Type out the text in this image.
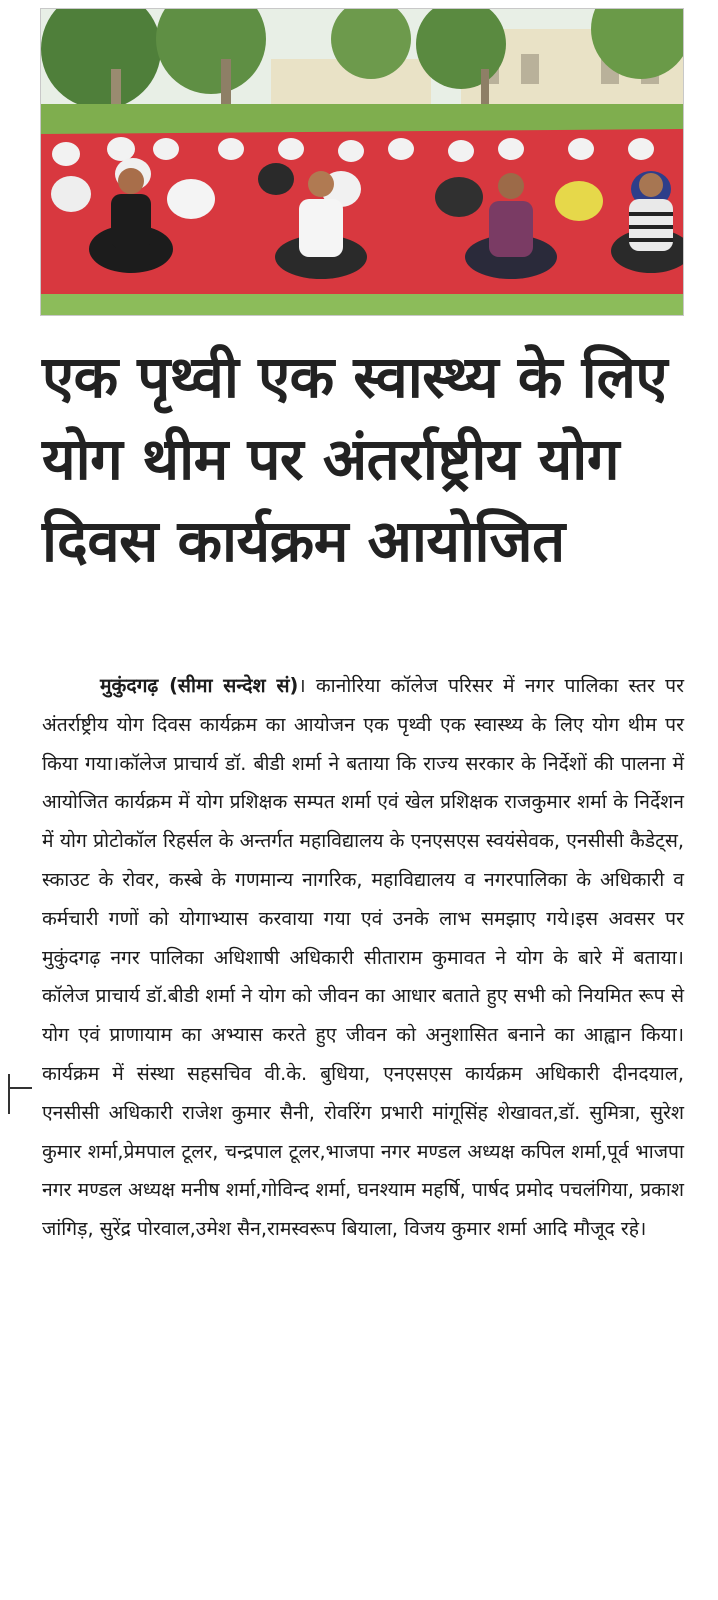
एक पृथ्वी एक स्वास्थ्य के लिए योग थीम पर अंतर्राष्ट्रीय योग दिवस कार्यक्रम आयोजित

मुकुंदगढ़ (सीमा सन्देश सं)। कानोरिया कॉलेज परिसर में नगर पालिका स्तर पर अंतर्राष्ट्रीय योग दिवस कार्यक्रम का आयोजन एक पृथ्वी एक स्वास्थ्य के लिए योग थीम पर किया गया।कॉलेज प्राचार्य डॉ. बीडी शर्मा ने बताया कि राज्य सरकार के निर्देशों की पालना में आयोजित कार्यक्रम में योग प्रशिक्षक सम्पत शर्मा एवं खेल प्रशिक्षक राजकुमार शर्मा के निर्देशन में योग प्रोटोकॉल रिहर्सल के अन्तर्गत महाविद्यालय के एनएसएस स्वयंसेवक, एनसीसी कैडेट्स, स्काउट के रोवर, कस्बे के गणमान्य नागरिक, महाविद्यालय व नगरपालिका के अधिकारी व कर्मचारी गणों को योगाभ्यास करवाया गया एवं उनके लाभ समझाए गये।इस अवसर पर मुकुंदगढ़ नगर पालिका अधिशाषी अधिकारी सीताराम कुमावत ने योग के बारे में बताया।कॉलेज प्राचार्य डॉ.बीडी शर्मा ने योग को जीवन का आधार बताते हुए सभी को नियमित रूप से योग एवं प्राणायाम का अभ्यास करते हुए जीवन को अनुशासित बनाने का आह्वान किया।कार्यक्रम में संस्था सहसचिव वी.के. बुधिया, एनएसएस कार्यक्रम अधिकारी दीनदयाल, एनसीसी अधिकारी राजेश कुमार सैनी, रोवरिंग प्रभारी मांगूसिंह शेखावत,डॉ. सुमित्रा, सुरेश कुमार शर्मा,प्रेमपाल टूलर, चन्द्रपाल टूलर,भाजपा नगर मण्डल अध्यक्ष कपिल शर्मा,पूर्व भाजपा नगर मण्डल अध्यक्ष मनीष शर्मा,गोविन्द शर्मा, घनश्याम महर्षि, पार्षद प्रमोद पचलंगिया, प्रकाश जांगिड़, सुरेंद्र पोरवाल,उमेश सैन,रामस्वरूप बियाला, विजय कुमार शर्मा आदि मौजूद रहे।
